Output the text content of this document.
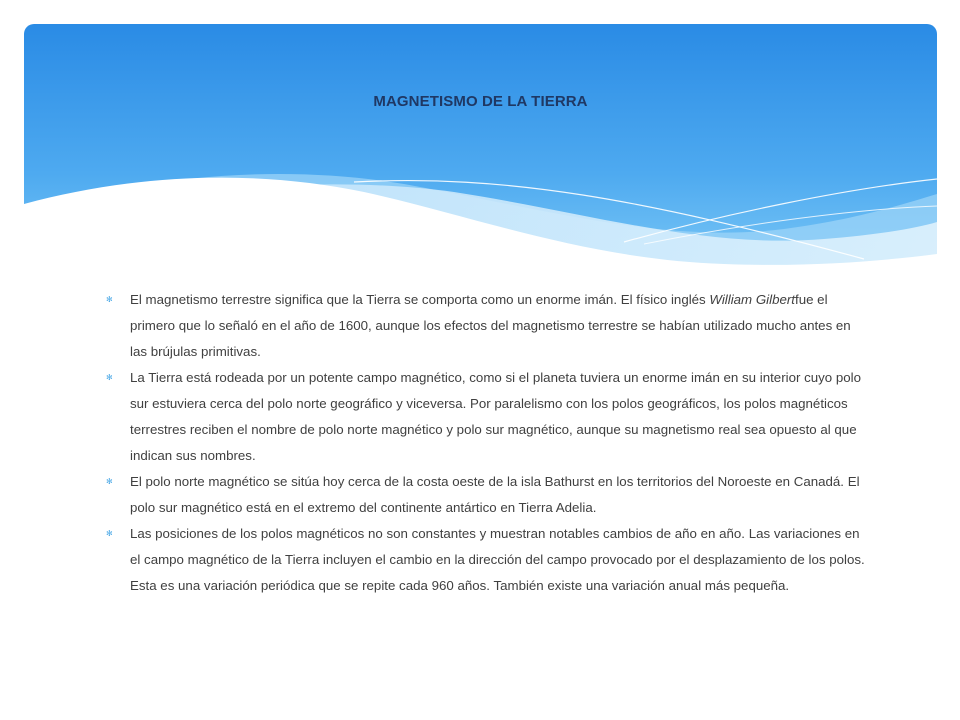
MAGNETISMO DE LA TIERRA
✻ El magnetismo terrestre significa que la Tierra se comporta como un enorme imán. El físico inglés William Gilbertfue el primero que lo señaló en el año de 1600, aunque los efectos del magnetismo terrestre se habían utilizado mucho antes en las brújulas primitivas.
✻ La Tierra está rodeada por un potente campo magnético, como si el planeta tuviera un enorme imán en su interior cuyo polo sur estuviera cerca del polo norte geográfico y viceversa. Por paralelismo con los polos geográficos, los polos magnéticos terrestres reciben el nombre de polo norte magnético y polo sur magnético, aunque su magnetismo real sea opuesto al que indican sus nombres.
✻ El polo norte magnético se sitúa hoy cerca de la costa oeste de la isla Bathurst en los territorios del Noroeste en Canadá. El polo sur magnético está en el extremo del continente antártico en Tierra Adelia.
✻ Las posiciones de los polos magnéticos no son constantes y muestran notables cambios de año en año. Las variaciones en el campo magnético de la Tierra incluyen el cambio en la dirección del campo provocado por el desplazamiento de los polos. Esta es una variación periódica que se repite cada 960 años. También existe una variación anual más pequeña.
